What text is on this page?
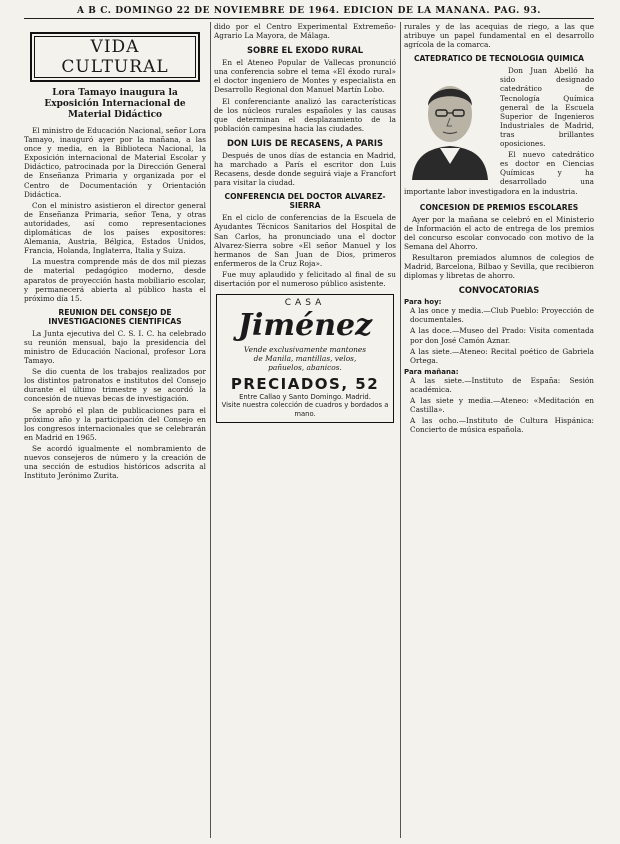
A B C. DOMINGO 22 DE NOVIEMBRE DE 1964. EDICION DE LA MAÑANA. PAG. 93.
VIDA CULTURAL
Lora Tamayo inaugura la Exposición Internacional de Material Didáctico

El ministro de Educación Nacional, señor Lora Tamayo, inauguró ayer por la mañana, a las once y media, en la Biblioteca Nacional, la Exposición internacional de Material Escolar y Didáctico, patrocinada por la Dirección General de Enseñanza Primaria y organizada por el Centro de Documentación y Orientación Didáctica.

Con el ministro asistieron el director general de Enseñanza Primaria, señor Tena, y otras autoridades, así como representaciones diplomáticas de los países expositores: Alemania, Austria, Bélgica, Estados Unidos, Francia, Holanda, Inglaterra, Italia y Suiza.

La muestra comprende más de dos mil piezas de material pedagógico moderno, desde aparatos de proyección hasta mobiliario escolar, y permanecerá abierta al público hasta el próximo día 15.

REUNION DEL CONSEJO DE INVESTIGACIONES CIENTIFICAS

La Junta ejecutiva del C. S. I. C. ha celebrado su reunión mensual, bajo la presidencia del ministro de Educación Nacional, profesor Lora Tamayo.

Se dio cuenta de los trabajos realizados por los distintos patronatos e institutos del Consejo durante el último trimestre y se acordó la concesión de nuevas becas de investigación.

Se aprobó el plan de publicaciones para el próximo año y la participación del Consejo en los congresos internacionales que se celebrarán en Madrid en 1965.

Se acordó igualmente el nombramiento de nuevos consejeros de número y la creación de una sección de estudios históricos adscrita al Instituto Jerónimo Zurita.

dido por el Centro Experimental Extremeño-Agrario La Mayora, de Málaga.

SOBRE EL EXODO RURAL

En el Ateneo Popular de Vallecas pronunció una conferencia sobre el tema «El éxodo rural» el doctor ingeniero de Montes y especialista en Desarrollo Regional don Manuel Martín Lobo.

El conferenciante analizó las características de los núcleos rurales españoles y las causas que determinan el desplazamiento de la población campesina hacia las ciudades.

DON LUIS DE RECASENS, A PARIS

Después de unos días de estancia en Madrid, ha marchado a París el escritor don Luis Recasens, desde donde seguirá viaje a Francfort para visitar la ciudad.

CONFERENCIA DEL DOCTOR ALVAREZ-SIERRA

En el ciclo de conferencias de la Escuela de Ayudantes Técnicos Sanitarios del Hospital de San Carlos, ha pronunciado una el doctor Alvarez-Sierra sobre «El señor Manuel y los hermanos de San Juan de Dios, primeros enfermeros de la Cruz Roja».

Fue muy aplaudido y felicitado al final de su disertación por el numeroso público asistente.

CASA
Jiménez
Vende exclusivamente mantones de Manila, mantillas, velos, pañuelos, abanicos.
PRECIADOS, 52
Entre Callao y Santo Domingo. Madrid.
Visite nuestra colección de cuadros y bordados a mano.

rurales y de las acequias de riego, a las que atribuye un papel fundamental en el desarrollo agrícola de la comarca.

CATEDRATICO DE TECNOLOGIA QUIMICA

Don Juan Abelló ha sido designado catedrático de Tecnología Química general de la Escuela Superior de Ingenieros Industriales de Madrid, tras brillantes oposiciones.

El nuevo catedrático es doctor en Ciencias Químicas y ha desarrollado una importante labor investigadora en la industria.

CONCESION DE PREMIOS ESCOLARES

Ayer por la mañana se celebró en el Ministerio de Información el acto de entrega de los premios del concurso escolar convocado con motivo de la Semana del Ahorro.

Resultaron premiados alumnos de colegios de Madrid, Barcelona, Bilbao y Sevilla, que recibieron diplomas y libretas de ahorro.

CONVOCATORIAS
Para hoy:

A las once y media.—Club Pueblo: Proyección de documentales.

A las doce.—Museo del Prado: Visita comentada por don José Camón Aznar.

A las siete.—Ateneo: Recital poético de Gabriela Ortega.

Para mañana:

A las siete.—Instituto de España: Sesión académica.

A las siete y media.—Ateneo: «Meditación en Castilla».

A las ocho.—Instituto de Cultura Hispánica: Concierto de música española.
